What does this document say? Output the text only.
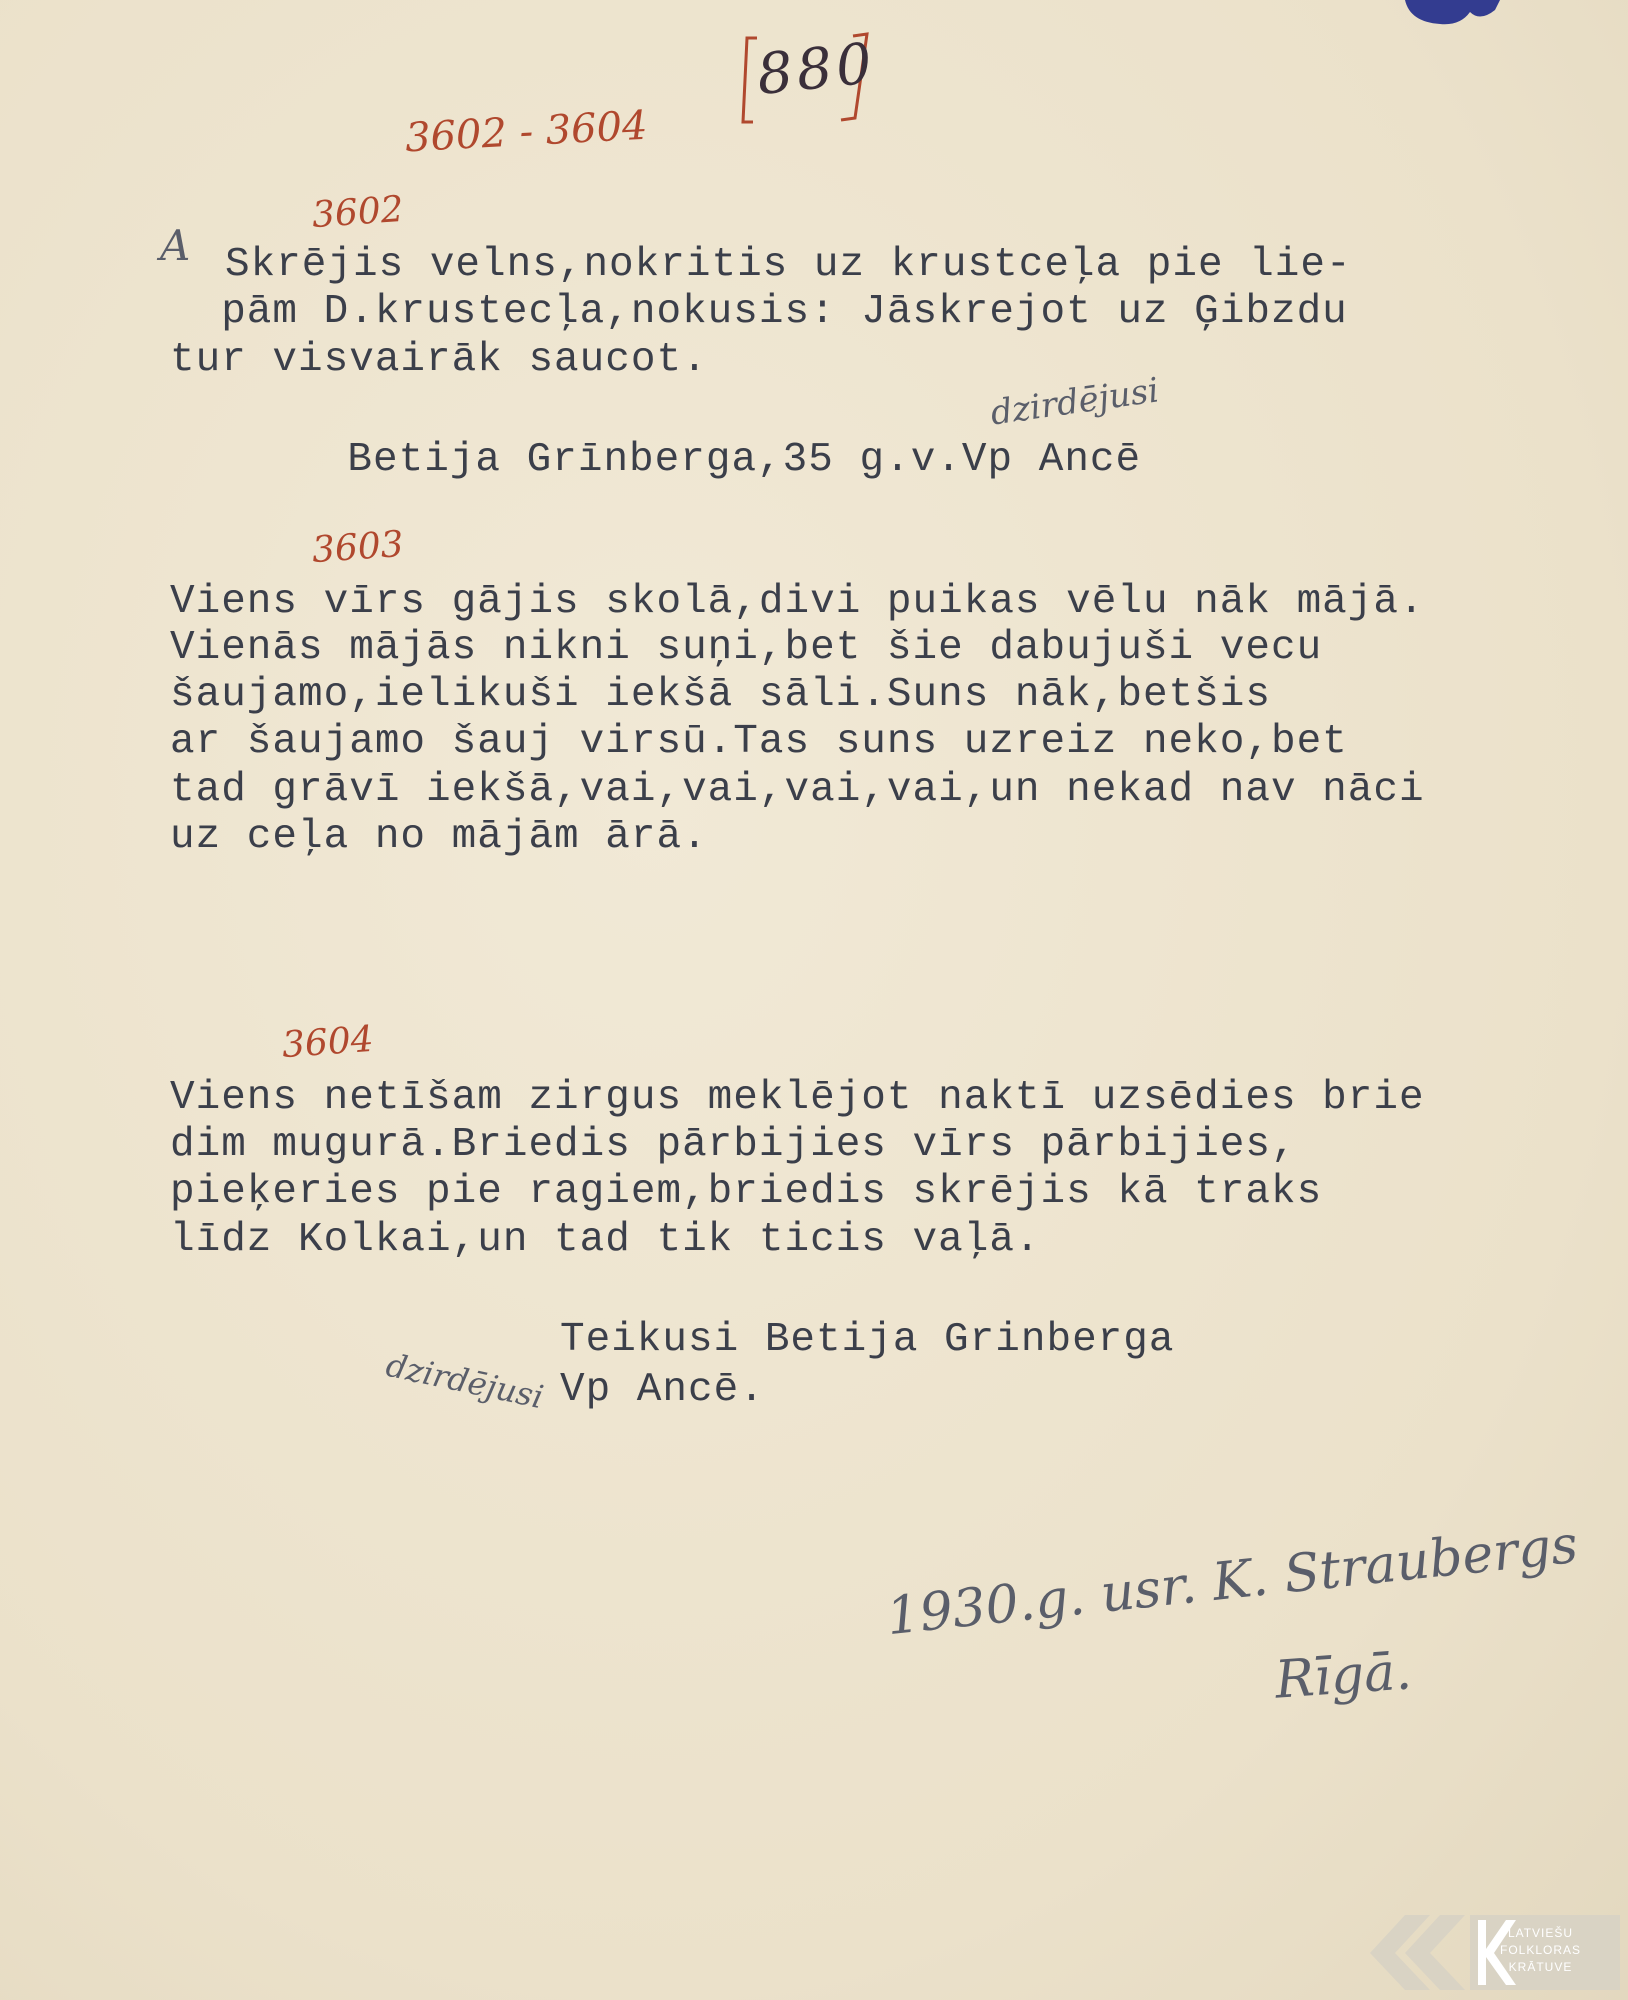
880
3602 - 3604
3602
A Skrējis velns,nokritis uz krustceļa pie lie-
pām D.krustecļa,nokusis: Jāskrejot uz Ģibzdu
tur visvairāk saucot.
dzirdējusi
Betija Grīnberga,35 g.v.Vp Ancē
3603
Viens vīrs gājis skolā,divi puikas vēlu nāk mājā.
Vienās mājās nikni suņi,bet šie dabujuši vecu
šaujamo,ielikuši iekšā sāli.Suns nāk,betšis
ar šaujamo šauj virsū.Tas suns uzreiz neko,bet
tad grāvī iekšā,vai,vai,vai,vai,un nekad nav nāci
uz ceļa no mājām ārā.
3604
Viens netīšam zirgus meklējot naktī uzsēdies brie
dim mugurā.Briedis pārbijies vīrs pārbijies,
pieķeries pie ragiem,briedis skrējis kā traks
līdz Kolkai,un tad tik ticis vaļā.
Teikusi Betija Grinberga
dzirdējusi Vp Ancē.
1930.g. usr. K. Straubergs
Rīgā.
LATVIEŠU
FOLKLORAS
KRĀTUVE
